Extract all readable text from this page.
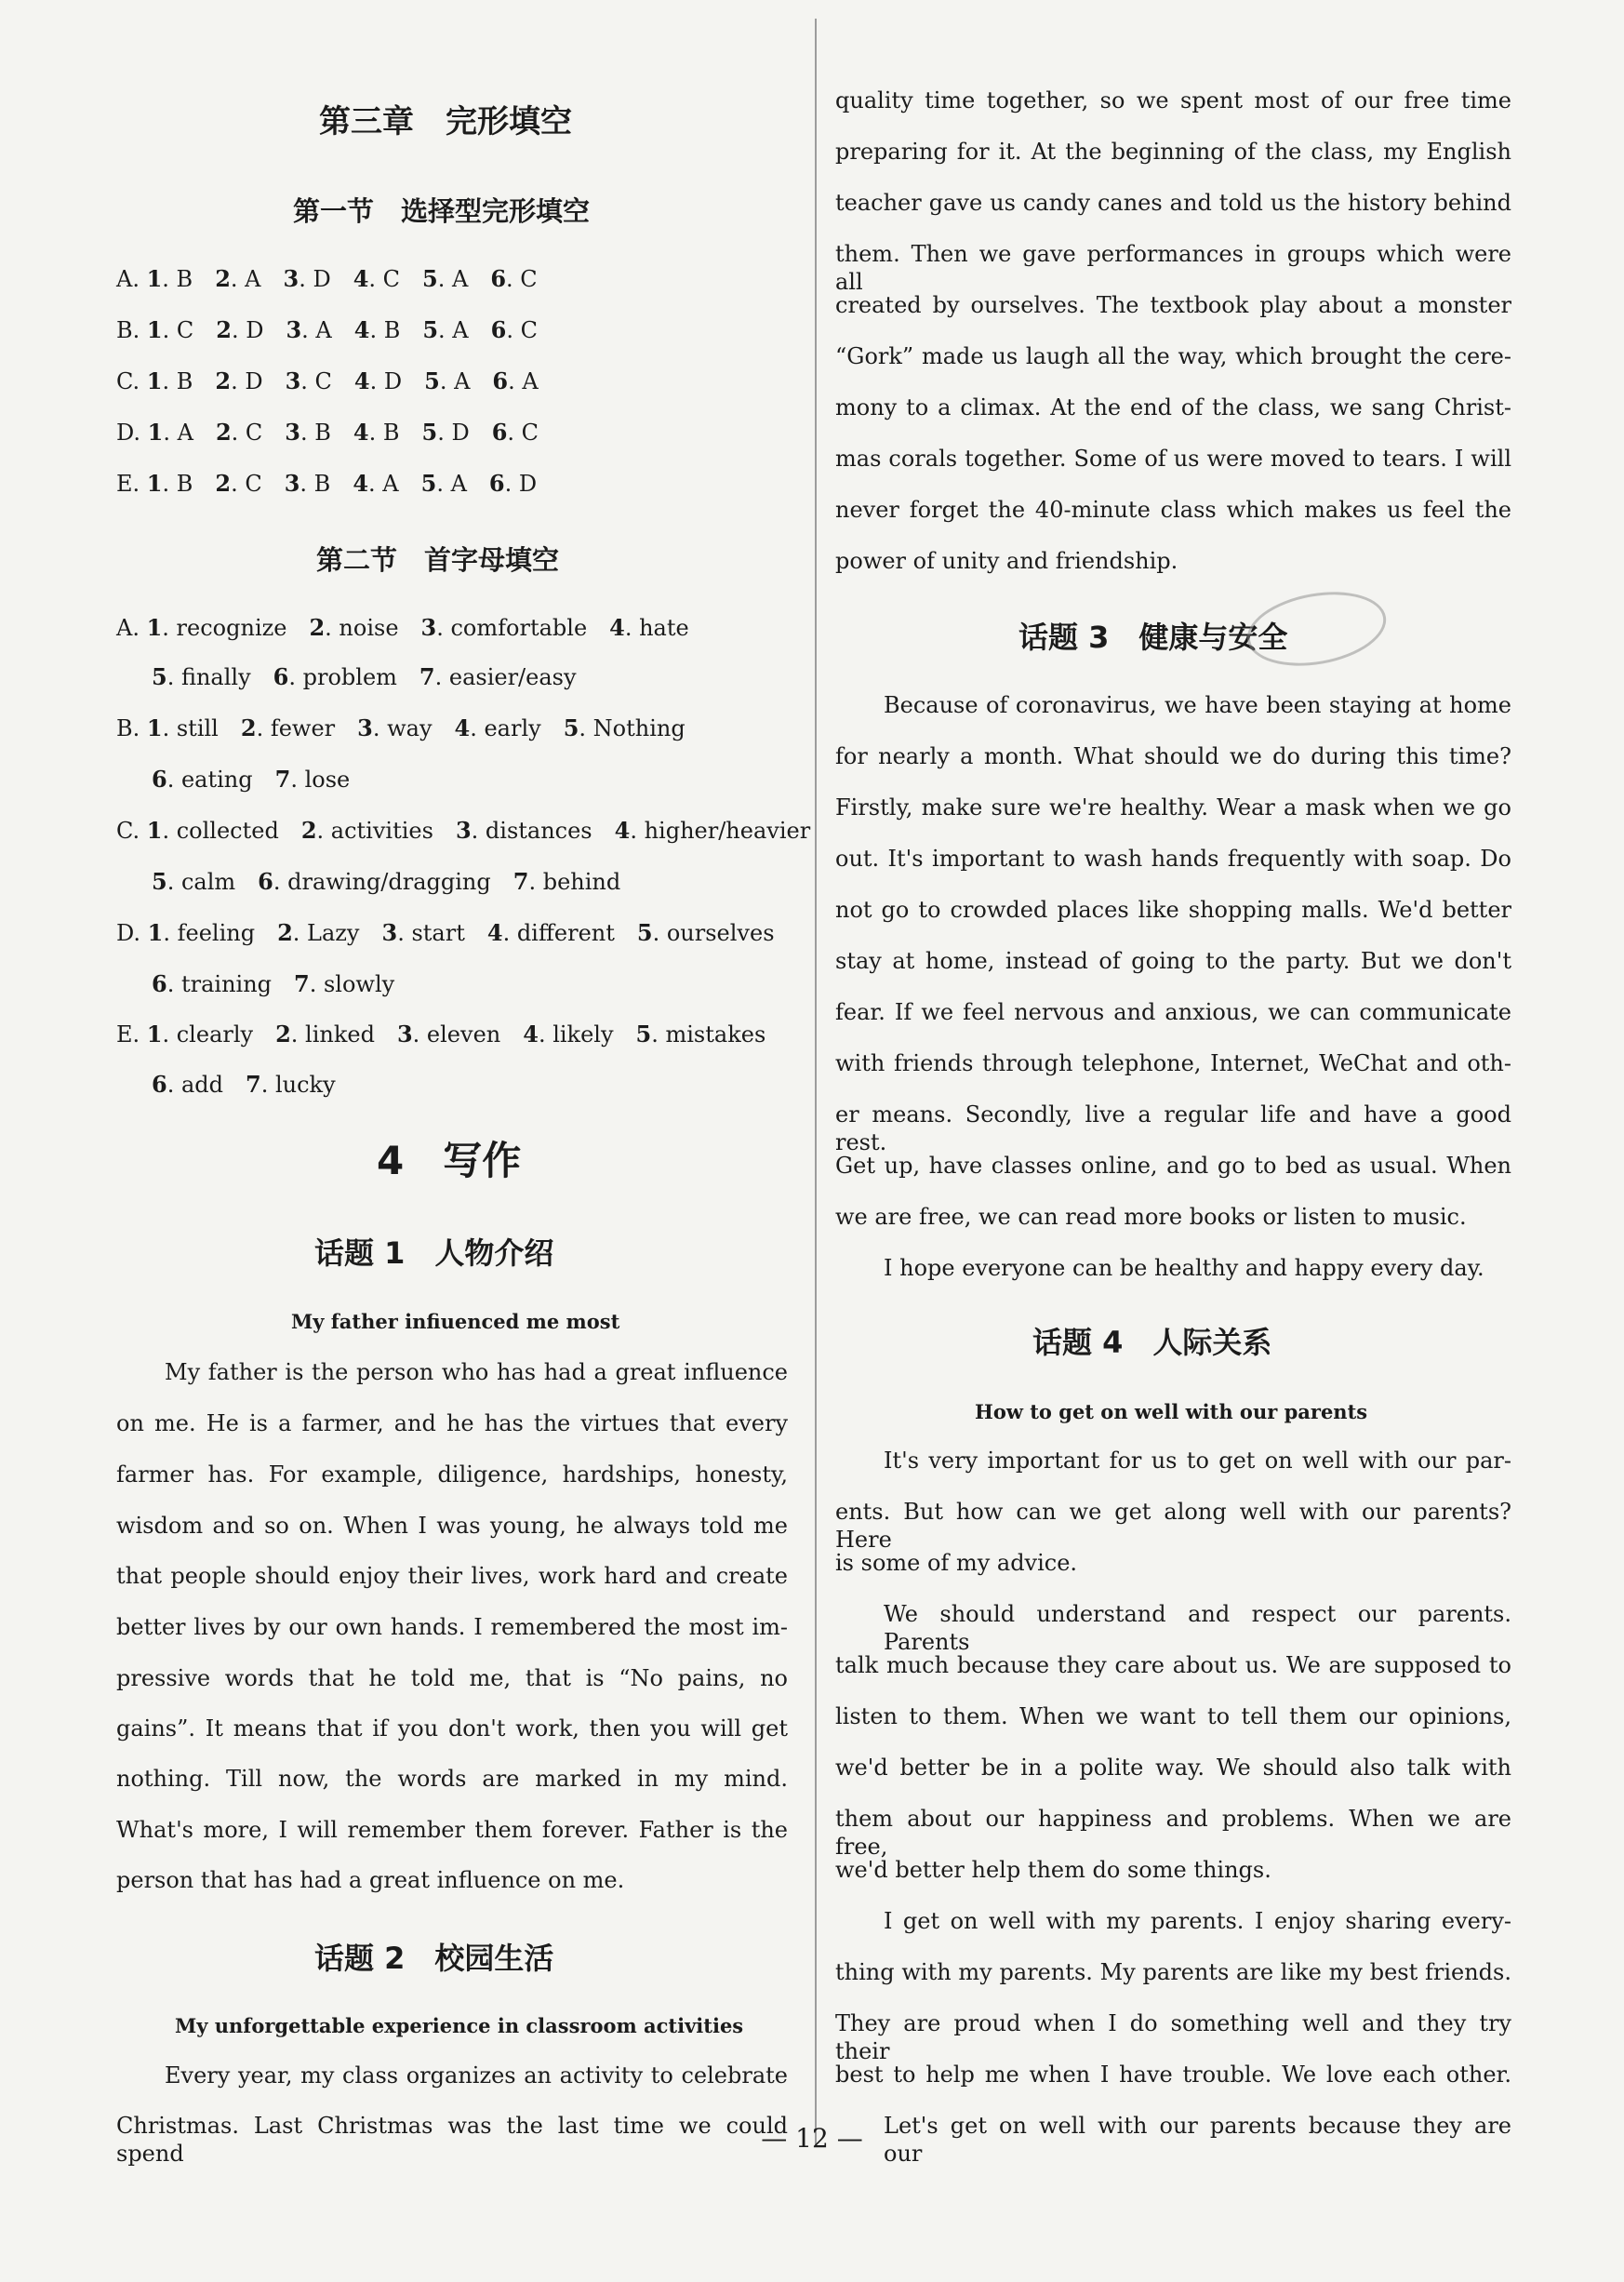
第三章　完形填空
第一节　选择型完形填空
A. 1. B　2. A　3. D　4. C　5. A　6. C
B. 1. C　2. D　3. A　4. B　5. A　6. C
C. 1. B　2. D　3. C　4. D　5. A　6. A
D. 1. A　2. C　3. B　4. B　5. D　6. C
E. 1. B　2. C　3. B　4. A　5. A　6. D
第二节　首字母填空
A. 1. recognize　2. noise　3. comfortable　4. hate
5. finally　6. problem　7. easier/easy
B. 1. still　2. fewer　3. way　4. early　5. Nothing
6. eating　7. lose
C. 1. collected　2. activities　3. distances　4. higher/heavier
5. calm　6. drawing/dragging　7. behind
D. 1. feeling　2. Lazy　3. start　4. different　5. ourselves
6. training　7. slowly
E. 1. clearly　2. linked　3. eleven　4. likely　5. mistakes
6. add　7. lucky
4　写作
话题 1　人物介绍
My father infiuenced me most
My father is the person who has had a great influence
on me. He is a farmer, and he has the virtues that every
farmer has. For example, diligence, hardships, honesty,
wisdom and so on. When I was young, he always told me
that people should enjoy their lives, work hard and create
better lives by our own hands. I remembered the most im-
pressive words that he told me, that is “No pains, no
gains”. It means that if you don't work, then you will get
nothing. Till now, the words are marked in my mind.
What's more, I will remember them forever. Father is the
person that has had a great influence on me.
话题 2　校园生活
My unforgettable experience in classroom activities
Every year, my class organizes an activity to celebrate
Christmas. Last Christmas was the last time we could spend
quality time together, so we spent most of our free time
preparing for it. At the beginning of the class, my English
teacher gave us candy canes and told us the history behind
them. Then we gave performances in groups which were all
created by ourselves. The textbook play about a monster
“Gork” made us laugh all the way, which brought the cere-
mony to a climax. At the end of the class, we sang Christ-
mas corals together. Some of us were moved to tears. I will
never forget the 40-minute class which makes us feel the
power of unity and friendship.
话题 3　健康与安全
Because of coronavirus, we have been staying at home
for nearly a month. What should we do during this time?
Firstly, make sure we're healthy. Wear a mask when we go
out. It's important to wash hands frequently with soap. Do
not go to crowded places like shopping malls. We'd better
stay at home, instead of going to the party. But we don't
fear. If we feel nervous and anxious, we can communicate
with friends through telephone, Internet, WeChat and oth-
er means. Secondly, live a regular life and have a good rest.
Get up, have classes online, and go to bed as usual. When
we are free, we can read more books or listen to music.
I hope everyone can be healthy and happy every day.
话题 4　人际关系
How to get on well with our parents
It's very important for us to get on well with our par-
ents. But how can we get along well with our parents? Here
is some of my advice.
We should understand and respect our parents. Parents
talk much because they care about us. We are supposed to
listen to them. When we want to tell them our opinions,
we'd better be in a polite way. We should also talk with
them about our happiness and problems. When we are free,
we'd better help them do some things.
I get on well with my parents. I enjoy sharing every-
thing with my parents. My parents are like my best friends.
They are proud when I do something well and they try their
best to help me when I have trouble. We love each other.
Let's get on well with our parents because they are our
— 12 —
